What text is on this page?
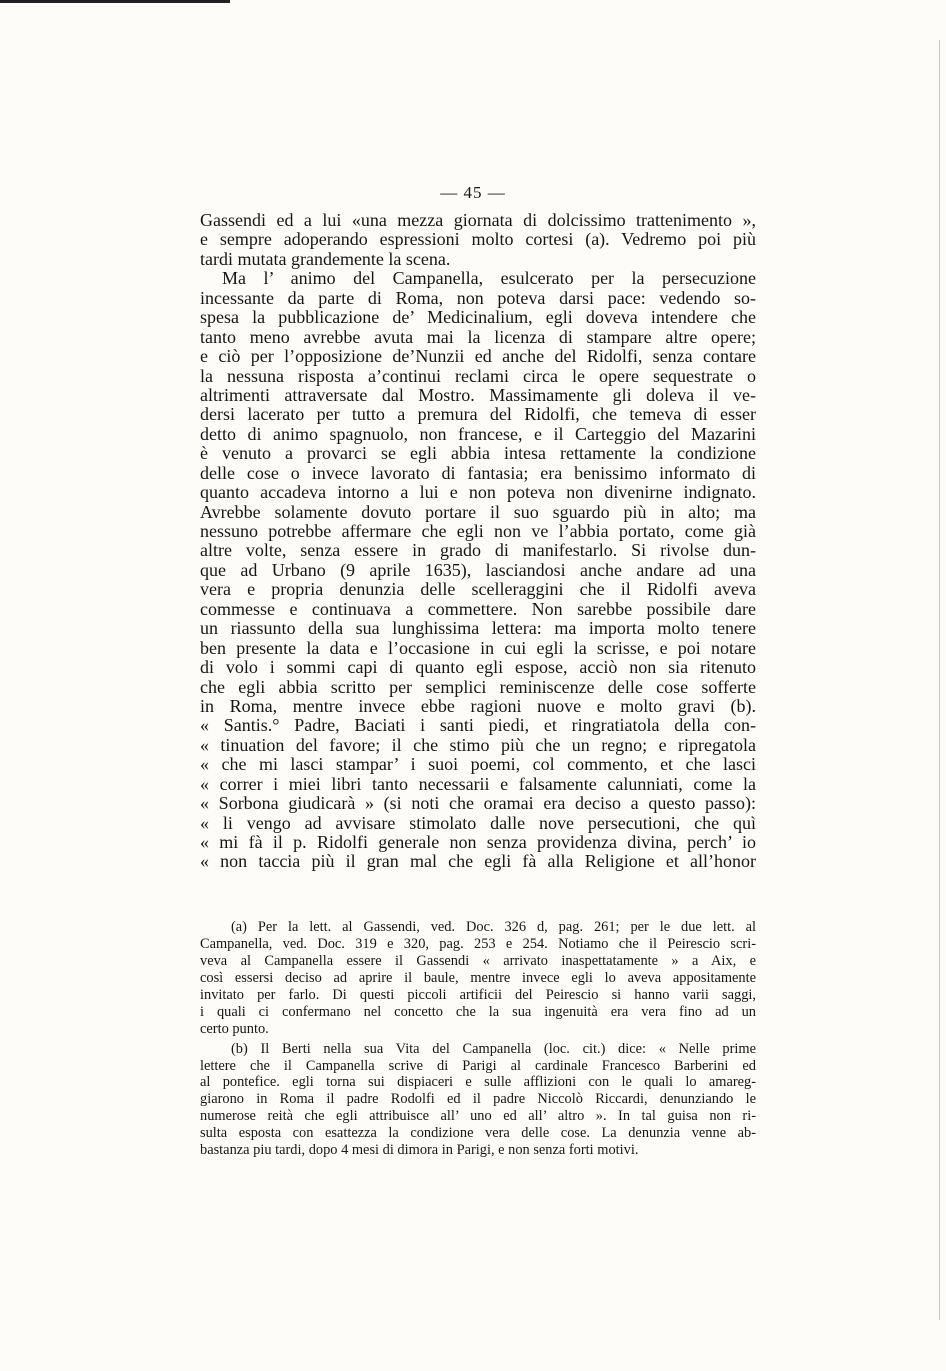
— 45 —
Gassendi ed a lui «una mezza giornata di dolcissimo trattenimento »,
e sempre adoperando espressioni molto cortesi (a). Vedremo poi più
tardi mutata grandemente la scena.
Ma l’ animo del Campanella, esulcerato per la persecuzione
incessante da parte di Roma, non poteva darsi pace: vedendo so-
spesa la pubblicazione de’ Medicinalium, egli doveva intendere che
tanto meno avrebbe avuta mai la licenza di stampare altre opere;
e ciò per l’opposizione de’Nunzii ed anche del Ridolfi, senza contare
la nessuna risposta a’continui reclami circa le opere sequestrate o
altrimenti attraversate dal Mostro. Massimamente gli doleva il ve-
dersi lacerato per tutto a premura del Ridolfi, che temeva di esser
detto di animo spagnuolo, non francese, e il Carteggio del Mazarini
è venuto a provarci se egli abbia intesa rettamente la condizione
delle cose o invece lavorato di fantasia; era benissimo informato di
quanto accadeva intorno a lui e non poteva non divenirne indignato.
Avrebbe solamente dovuto portare il suo sguardo più in alto; ma
nessuno potrebbe affermare che egli non ve l’abbia portato, come già
altre volte, senza essere in grado di manifestarlo. Si rivolse dun-
que ad Urbano (9 aprile 1635), lasciandosi anche andare ad una
vera e propria denunzia delle scelleraggini che il Ridolfi aveva
commesse e continuava a commettere. Non sarebbe possibile dare
un riassunto della sua lunghissima lettera: ma importa molto tenere
ben presente la data e l’occasione in cui egli la scrisse, e poi notare
di volo i sommi capi di quanto egli espose, acciò non sia ritenuto
che egli abbia scritto per semplici reminiscenze delle cose sofferte
in Roma, mentre invece ebbe ragioni nuove e molto gravi (b).
« Santis.° Padre, Baciati i santi piedi, et ringratiatola della con-
« tinuation del favore; il che stimo più che un regno; e ripregatola
« che mi lasci stampar’ i suoi poemi, col commento, et che lasci
« correr i miei libri tanto necessarii e falsamente calunniati, come la
« Sorbona giudicarà » (si noti che oramai era deciso a questo passo):
« li vengo ad avvisare stimolato dalle nove persecutioni, che quì
« mi fà il p. Ridolfi generale non senza providenza divina, perch’ io
« non taccia più il gran mal che egli fà alla Religione et all’honor
(a) Per la lett. al Gassendi, ved. Doc. 326 d, pag. 261; per le due lett. al
Campanella, ved. Doc. 319 e 320, pag. 253 e 254. Notiamo che il Peirescio scri-
veva al Campanella essere il Gassendi « arrivato inaspettatamente » a Aix, e
così essersi deciso ad aprire il baule, mentre invece egli lo aveva appositamente
invitato per farlo. Di questi piccoli artificii del Peirescio si hanno varii saggi,
i quali ci confermano nel concetto che la sua ingenuità era vera fino ad un
certo punto.
(b) Il Berti nella sua Vita del Campanella (loc. cit.) dice: « Nelle prime
lettere che il Campanella scrive di Parigi al cardinale Francesco Barberini ed
al pontefice. egli torna sui dispiaceri e sulle afflizioni con le quali lo amareg-
giarono in Roma il padre Rodolfi ed il padre Niccolò Riccardi, denunziando le
numerose reità che egli attribuisce all’ uno ed all’ altro ». In tal guisa non ri-
sulta esposta con esattezza la condizione vera delle cose. La denunzia venne ab-
bastanza piu tardi, dopo 4 mesi di dimora in Parigi, e non senza forti motivi.
